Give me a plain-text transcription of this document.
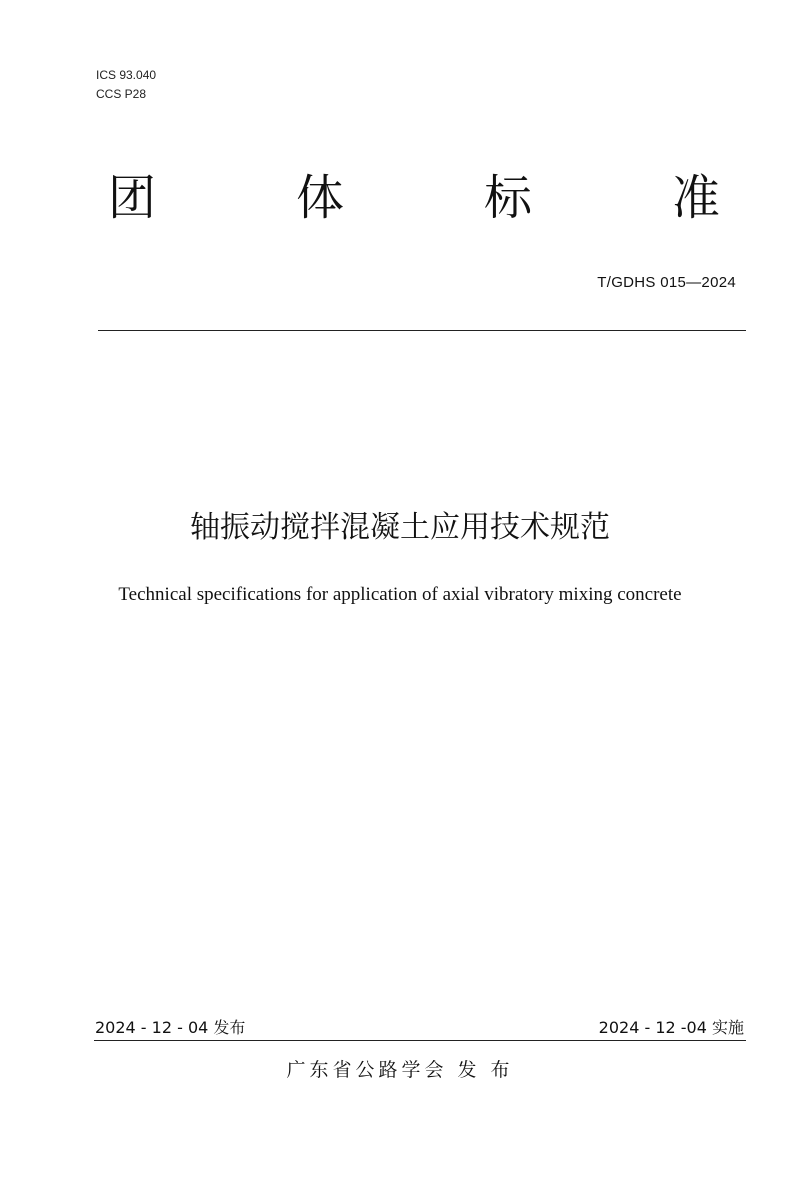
ICS 93.040
CCS P28
团	体	标	准
T/GDHS 015—2024
轴振动搅拌混凝土应用技术规范
Technical specifications for application of axial vibratory mixing concrete
2024 - 12 - 04 发布	2024 - 12 -04 实施
广东省公路学会 发 布
